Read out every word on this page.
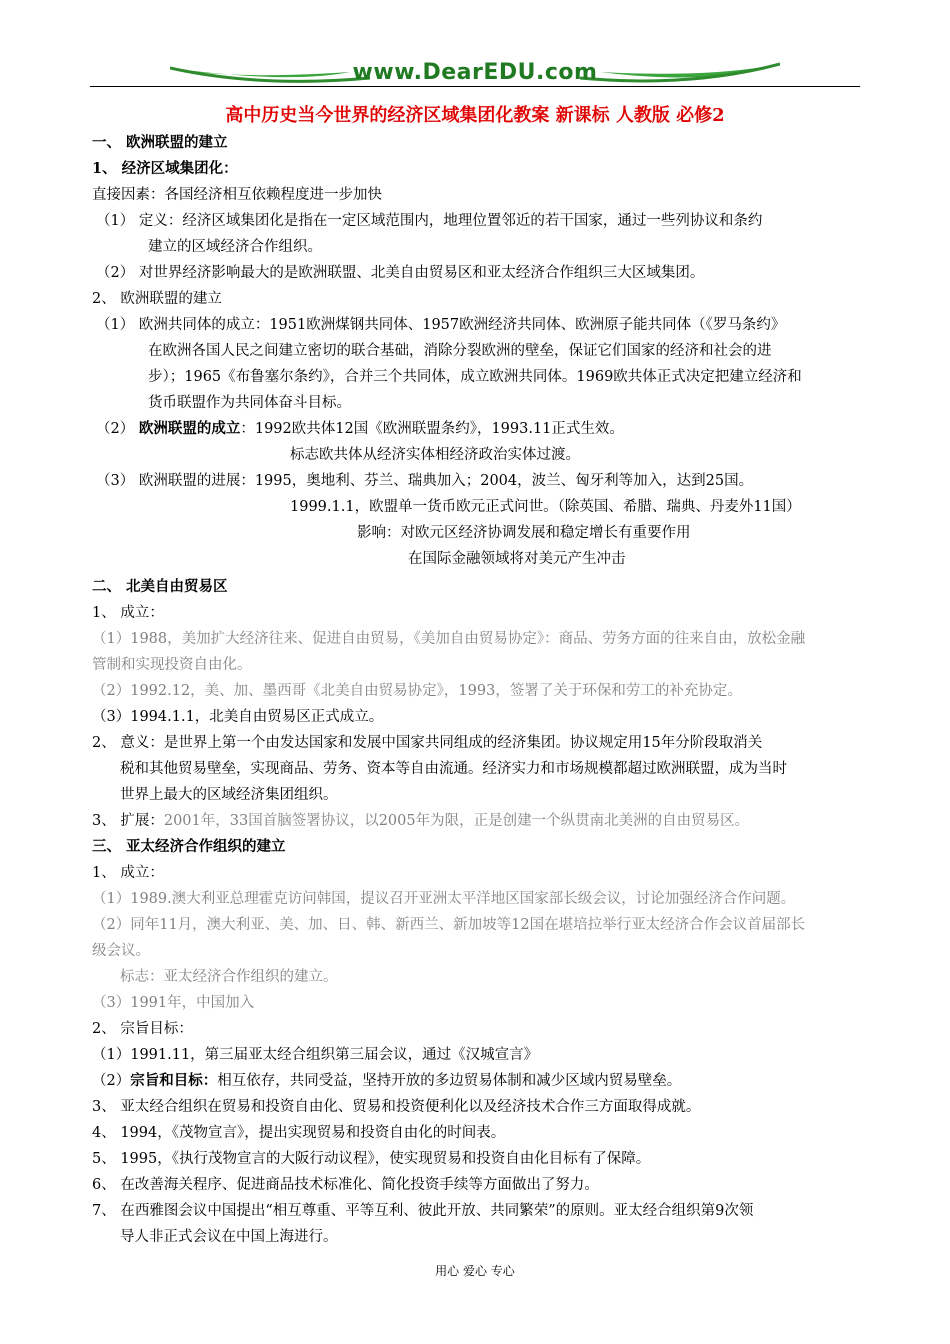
www.DearEDU.com
高中历史当今世界的经济区域集团化教案 新课标 人教版 必修2
一、 欧洲联盟的建立
1、 经济区域集团化：
直接因素：各国经济相互依赖程度进一步加快
（1） 定义：经济区域集团化是指在一定区域范围内，地理位置邻近的若干国家，通过一些列协议和条约
建立的区域经济合作组织。
（2） 对世界经济影响最大的是欧洲联盟、北美自由贸易区和亚太经济合作组织三大区域集团。
2、 欧洲联盟的建立
（1） 欧洲共同体的成立：1951欧洲煤钢共同体、1957欧洲经济共同体、欧洲原子能共同体（《罗马条约》
在欧洲各国人民之间建立密切的联合基础，消除分裂欧洲的壁垒，保证它们国家的经济和社会的进
步）；1965《布鲁塞尔条约》，合并三个共同体，成立欧洲共同体。1969欧共体正式决定把建立经济和
货币联盟作为共同体奋斗目标。
（2） 欧洲联盟的成立：1992欧共体12国《欧洲联盟条约》，1993.11正式生效。
标志欧共体从经济实体相经济政治实体过渡。
（3） 欧洲联盟的进展：1995，奥地利、芬兰、瑞典加入；2004，波兰、匈牙利等加入，达到25国。
1999.1.1，欧盟单一货币欧元正式问世。（除英国、希腊、瑞典、丹麦外11国）
影响：对欧元区经济协调发展和稳定增长有重要作用
在国际金融领域将对美元产生冲击
二、 北美自由贸易区
1、 成立：
（1）1988，美加扩大经济往来、促进自由贸易，《美加自由贸易协定》：商品、劳务方面的往来自由，放松金融
管制和实现投资自由化。
（2）1992.12，美、加、墨西哥《北美自由贸易协定》，1993，签署了关于环保和劳工的补充协定。
（3）1994.1.1，北美自由贸易区正式成立。
2、 意义：是世界上第一个由发达国家和发展中国家共同组成的经济集团。协议规定用15年分阶段取消关
税和其他贸易壁垒，实现商品、劳务、资本等自由流通。经济实力和市场规模都超过欧洲联盟，成为当时
世界上最大的区域经济集团组织。
3、 扩展：2001年，33国首脑签署协议，以2005年为限，正是创建一个纵贯南北美洲的自由贸易区。
三、 亚太经济合作组织的建立
1、 成立：
（1）1989.澳大利亚总理霍克访问韩国，提议召开亚洲太平洋地区国家部长级会议，讨论加强经济合作问题。
（2）同年11月，澳大利亚、美、加、日、韩、新西兰、新加坡等12国在堪培拉举行亚太经济合作会议首届部长
级会议。
标志：亚太经济合作组织的建立。
（3）1991年，中国加入
2、 宗旨目标：
（1）1991.11，第三届亚太经合组织第三届会议，通过《汉城宣言》
（2）宗旨和目标：相互依存，共同受益，坚持开放的多边贸易体制和减少区域内贸易壁垒。
3、 亚太经合组织在贸易和投资自由化、贸易和投资便利化以及经济技术合作三方面取得成就。
4、 1994，《茂物宣言》，提出实现贸易和投资自由化的时间表。
5、 1995，《执行茂物宣言的大阪行动议程》，使实现贸易和投资自由化目标有了保障。
6、 在改善海关程序、促进商品技术标准化、简化投资手续等方面做出了努力。
7、 在西雅图会议中国提出“相互尊重、平等互利、彼此开放、共同繁荣”的原则。亚太经合组织第9次领
导人非正式会议在中国上海进行。
用心 爱心 专心
